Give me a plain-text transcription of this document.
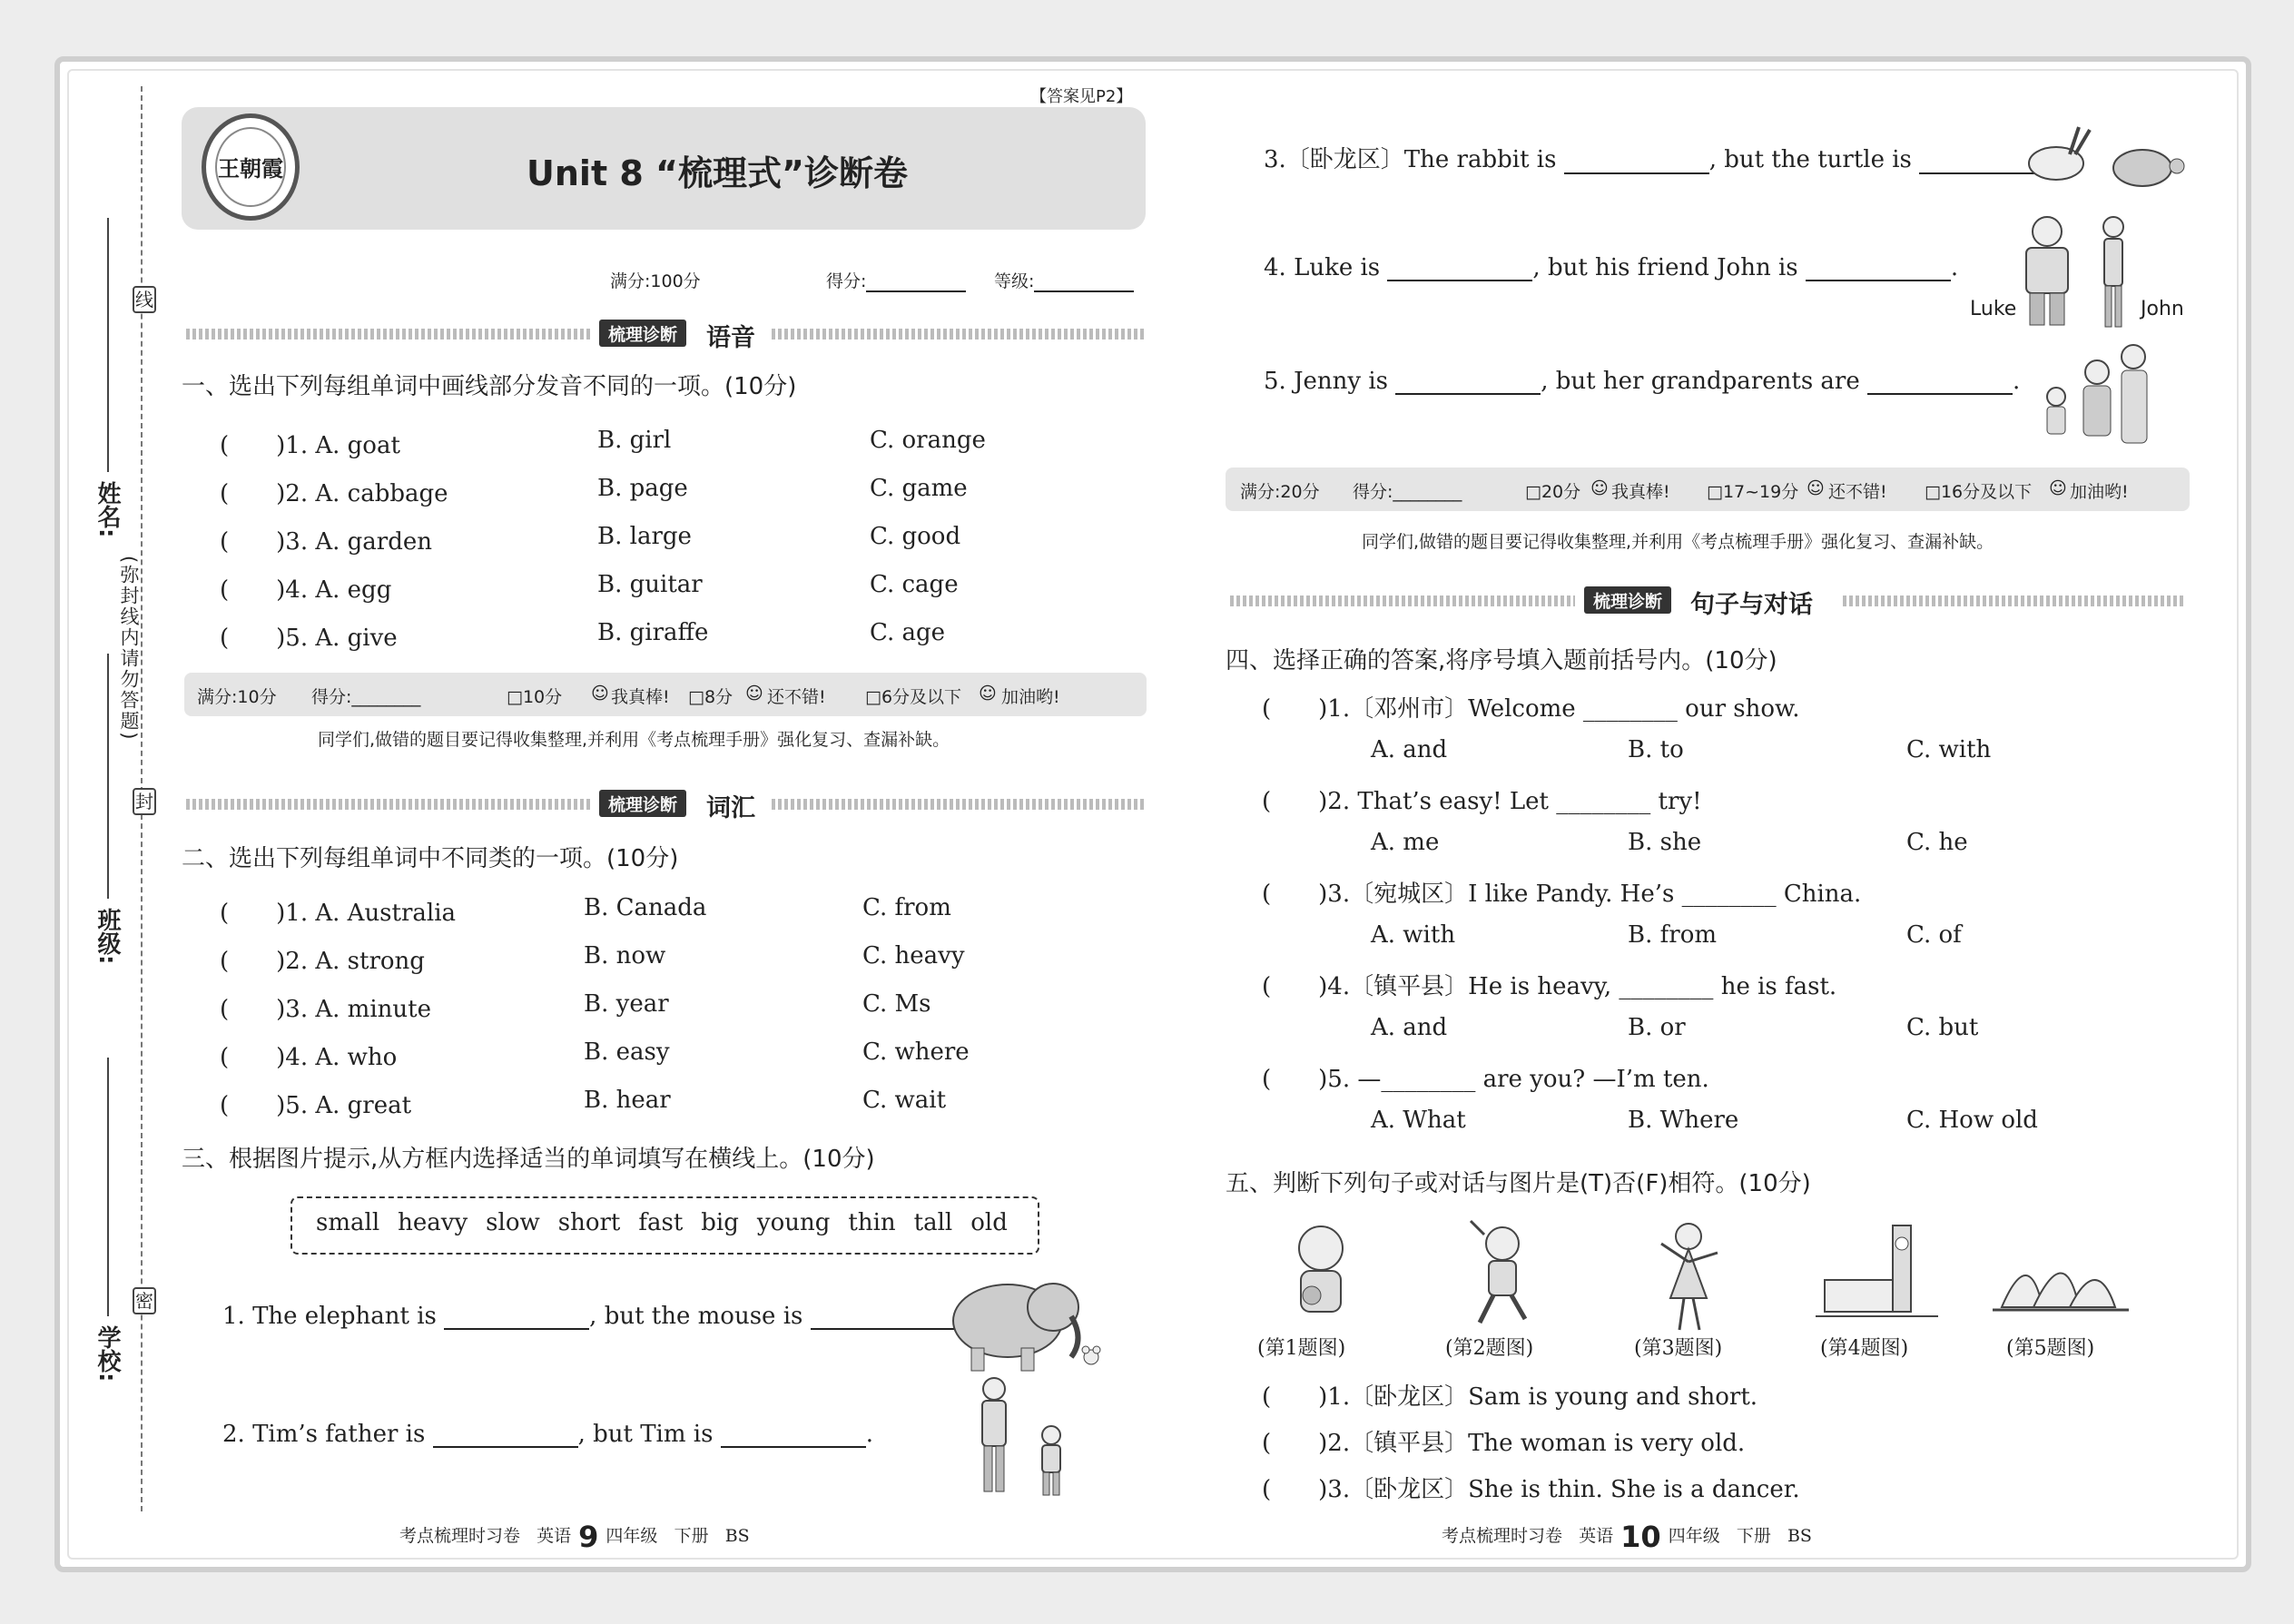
姓名:
班级:
学校:
线
封
密
(弥封线内请勿答题)
【答案见P2】
王朝霞	Unit 8 “梳理式”诊断卷
满分:100分	得分:	等级:
梳理诊断	语音
一、选出下列每组单词中画线部分发音不同的一项。(10分)
(　　)1. A. goat	B. girl	C. orange
(　　)2. A. cabbage	B. page	C. game
(　　)3. A. garden	B. large	C. good
(　　)4. A. egg	B. guitar	C. cage
(　　)5. A. give	B. giraffe	C. age
满分:10分 得分:________	□10分 ☺ 我真棒! □8分 ☺ 还不错! □6分及以下 ☺ 加油哟!
同学们,做错的题目要记得收集整理,并利用《考点梳理手册》强化复习、查漏补缺。
梳理诊断	词汇
二、选出下列每组单词中不同类的一项。(10分)
(　　)1. A. Australia	B. Canada	C. from
(　　)2. A. strong	B. now	C. heavy
(　　)3. A. minute	B. year	C. Ms
(　　)4. A. who	B. easy	C. where
(　　)5. A. great	B. hear	C. wait
三、根据图片提示,从方框内选择适当的单词填写在横线上。(10分)
small heavy slow short fast big young thin tall old
1. The elephant is	, but the mouse is
2. Tim’s father is	, but Tim is	.
考点梳理时习卷 英语 9 四年级 下册 BS
3.〔卧龙区〕The rabbit is	, but the turtle is
4. Luke is	, but his friend John is	.
Luke	John
5. Jenny is	, but her grandparents are	.
满分:20分 得分:________	□20分 ☺ 我真棒! □17~19分 ☺ 还不错! □16分及以下 ☺ 加油哟!
同学们,做错的题目要记得收集整理,并利用《考点梳理手册》强化复习、查漏补缺。
梳理诊断	句子与对话
四、选择正确的答案,将序号填入题前括号内。(10分)
(　　)1.〔邓州市〕Welcome ________ our show.
A. and	B. to	C. with
(　　)2. That’s easy! Let ________ try!
A. me	B. she	C. he
(　　)3.〔宛城区〕I like Pandy. He’s ________ China.
A. with	B. from	C. of
(　　)4.〔镇平县〕He is heavy, ________ he is fast.
A. and	B. or	C. but
(　　)5. —________ are you? —I’m ten.
A. What	B. Where	C. How old
五、判断下列句子或对话与图片是(T)否(F)相符。(10分)
(第1题图)	(第2题图)	(第3题图)	(第4题图)	(第5题图)
(　　)1.〔卧龙区〕Sam is young and short.
(　　)2.〔镇平县〕The woman is very old.
(　　)3.〔卧龙区〕She is thin. She is a dancer.
考点梳理时习卷 英语 10 四年级 下册 BS
